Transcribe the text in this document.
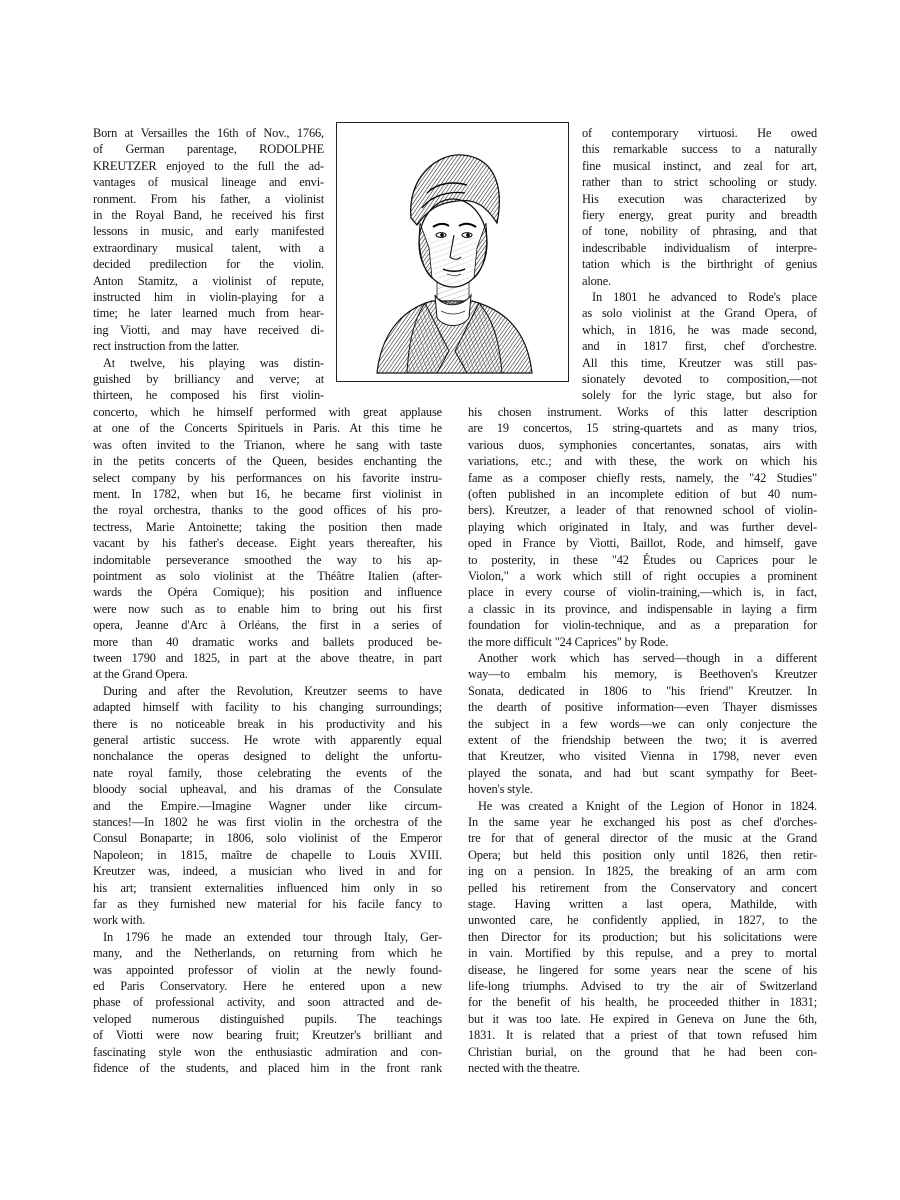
Born at Versailles the 16th of Nov., 1766,
of German parentage, RODOLPHE
KREUTZER enjoyed to the full the ad-
vantages of musical lineage and envi-
ronment. From his father, a violinist
in the Royal Band, he received his first
lessons in music, and early manifested
extraordinary musical talent, with a
decided predilection for the violin.
Anton Stamitz, a violinist of repute,
instructed him in violin-playing for a
time; he later learned much from hear-
ing Viotti, and may have received di-
rect instruction from the latter.
At twelve, his playing was distin-
guished by brilliancy and verve; at
thirteen, he composed his first violin-
concerto, which he himself performed with great applause
at one of the Concerts Spirituels in Paris. At this time he
was often invited to the Trianon, where he sang with taste
in the petits concerts of the Queen, besides enchanting the
select company by his performances on his favorite instru-
ment. In 1782, when but 16, he became first violinist in
the royal orchestra, thanks to the good offices of his pro-
tectress, Marie Antoinette; taking the position then made
vacant by his father's decease. Eight years thereafter, his
indomitable perseverance smoothed the way to his ap-
pointment as solo violinist at the Théâtre Italien (after-
wards the Opéra Comique); his position and influence
were now such as to enable him to bring out his first
opera, Jeanne d'Arc à Orléans, the first in a series of
more than 40 dramatic works and ballets produced be-
tween 1790 and 1825, in part at the above theatre, in part
at the Grand Opera.
During and after the Revolution, Kreutzer seems to have
adapted himself with facility to his changing surroundings;
there is no noticeable break in his productivity and his
general artistic success. He wrote with apparently equal
nonchalance the operas designed to delight the unfortu-
nate royal family, those celebrating the events of the
bloody social upheaval, and his dramas of the Consulate
and the Empire.—Imagine Wagner under like circum-
stances!—In 1802 he was first violin in the orchestra of the
Consul Bonaparte; in 1806, solo violinist of the Emperor
Napoleon; in 1815, maître de chapelle to Louis XVIII.
Kreutzer was, indeed, a musician who lived in and for
his art; transient externalities influenced him only in so
far as they furnished new material for his facile fancy to
work with.
In 1796 he made an extended tour through Italy, Ger-
many, and the Netherlands, on returning from which he
was appointed professor of violin at the newly found-
ed Paris Conservatory. Here he entered upon a new
phase of professional activity, and soon attracted and de-
veloped numerous distinguished pupils. The teachings
of Viotti were now bearing fruit; Kreutzer's brilliant and
fascinating style won the enthusiastic admiration and con-
fidence of the students, and placed him in the front rank
of contemporary virtuosi. He owed
this remarkable success to a naturally
fine musical instinct, and zeal for art,
rather than to strict schooling or study.
His execution was characterized by
fiery energy, great purity and breadth
of tone, nobility of phrasing, and that
indescribable individualism of interpre-
tation which is the birthright of genius
alone.
In 1801 he advanced to Rode's place
as solo violinist at the Grand Opera, of
which, in 1816, he was made second,
and in 1817 first, chef d'orchestre.
All this time, Kreutzer was still pas-
sionately devoted to composition,—not
solely for the lyric stage, but also for
his chosen instrument. Works of this latter description
are 19 concertos, 15 string-quartets and as many trios,
various duos, symphonies concertantes, sonatas, airs with
variations, etc.; and with these, the work on which his
fame as a composer chiefly rests, namely, the "42 Studies"
(often published in an incomplete edition of but 40 num-
bers). Kreutzer, a leader of that renowned school of violin-
playing which originated in Italy, and was further devel-
oped in France by Viotti, Baillot, Rode, and himself, gave
to posterity, in these "42 Études ou Caprices pour le
Violon," a work which still of right occupies a prominent
place in every course of violin-training,—which is, in fact,
a classic in its province, and indispensable in laying a firm
foundation for violin-technique, and as a preparation for
the more difficult "24 Caprices" by Rode.
Another work which has served—though in a different
way—to embalm his memory, is Beethoven's Kreutzer
Sonata, dedicated in 1806 to "his friend" Kreutzer. In
the dearth of positive information—even Thayer dismisses
the subject in a few words—we can only conjecture the
extent of the friendship between the two; it is averred
that Kreutzer, who visited Vienna in 1798, never even
played the sonata, and had but scant sympathy for Beet-
hoven's style.
He was created a Knight of the Legion of Honor in 1824.
In the same year he exchanged his post as chef d'orches-
tre for that of general director of the music at the Grand
Opera; but held this position only until 1826, then retir-
ing on a pension. In 1825, the breaking of an arm com
pelled his retirement from the Conservatory and concert
stage. Having written a last opera, Mathilde, with
unwonted care, he confidently applied, in 1827, to the
then Director for its production; but his solicitations were
in vain. Mortified by this repulse, and a prey to mortal
disease, he lingered for some years near the scene of his
life-long triumphs. Advised to try the air of Switzerland
for the benefit of his health, he proceeded thither in 1831;
but it was too late. He expired in Geneva on June the 6th,
1831. It is related that a priest of that town refused him
Christian burial, on the ground that he had been con-
nected with the theatre.
